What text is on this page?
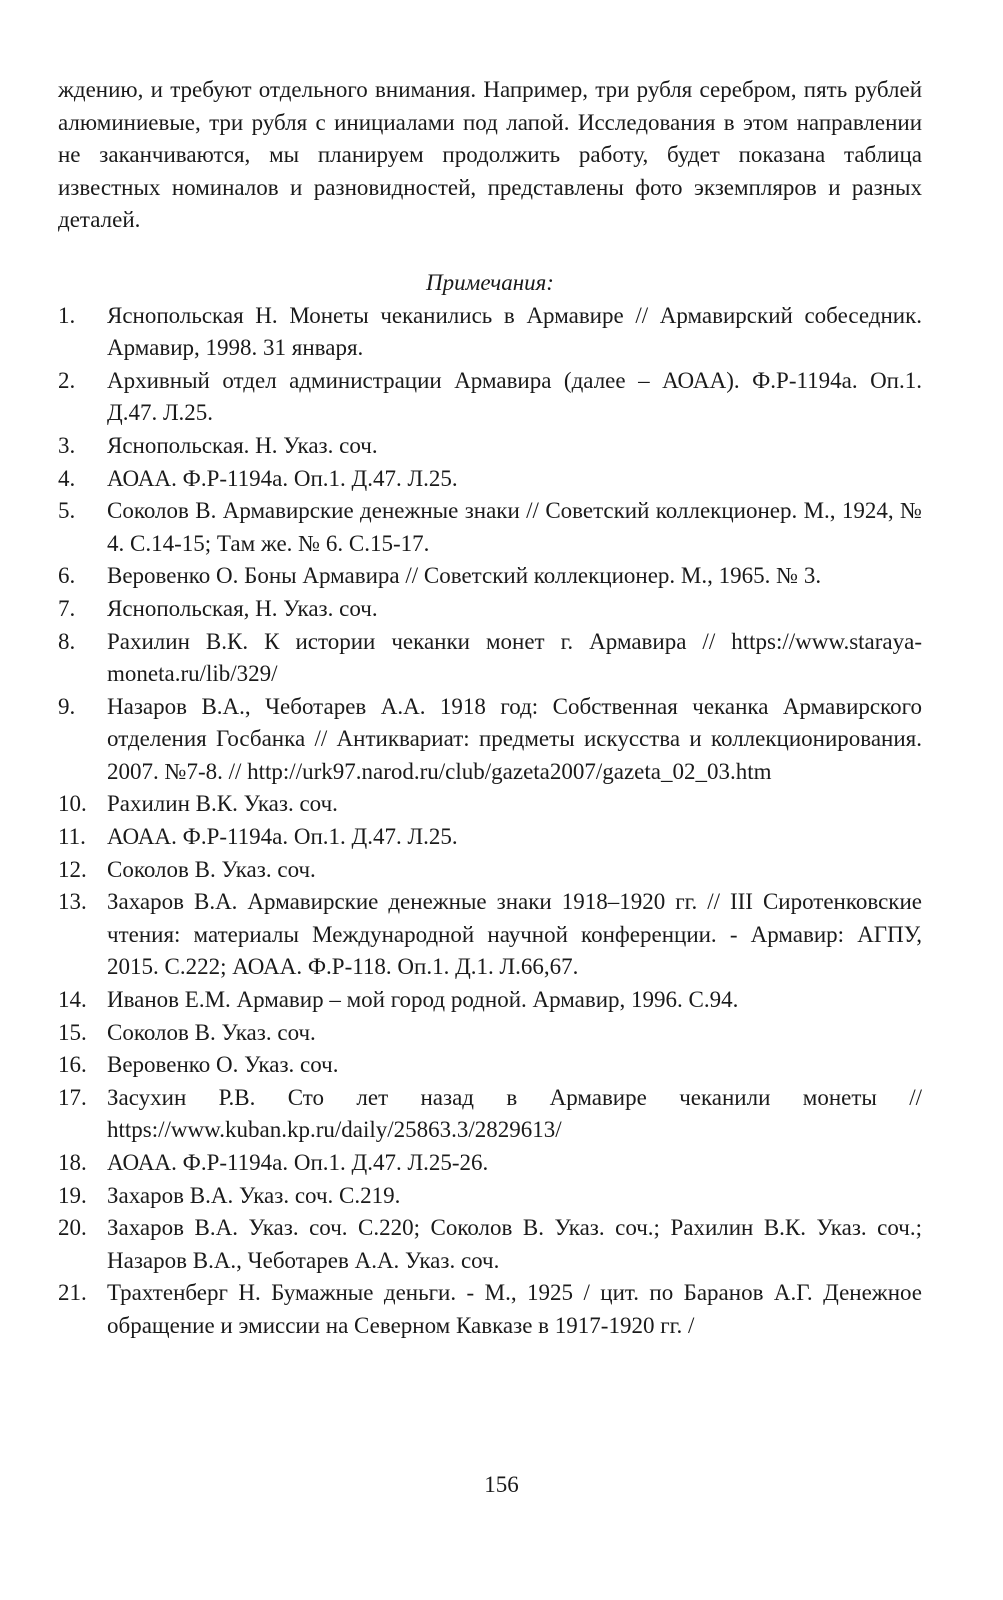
ждению, и требуют отдельного внимания. Например, три рубля серебром, пять рублей алюминиевые, три рубля с инициалами под лапой. Исследования в этом направлении не заканчиваются, мы планируем продолжить работу, будет показана таблица известных номиналов и разновидностей, представлены фото экземпляров и разных деталей.

Примечания:
1. Яснопольская Н. Монеты чеканились в Армавире // Армавирский собеседник. Армавир, 1998. 31 января.
2. Архивный отдел администрации Армавира (далее – АОАА). Ф.Р-1194а. Оп.1. Д.47. Л.25.
3. Яснопольская. Н. Указ. соч.
4. АОАА. Ф.Р-1194а. Оп.1. Д.47. Л.25.
5. Соколов В. Армавирские денежные знаки // Советский коллекционер. М., 1924, № 4. С.14-15; Там же. № 6. С.15-17.
6. Веровенко О. Боны Армавира // Советский коллекционер. М., 1965. № 3.
7. Яснопольская, Н. Указ. соч.
8. Рахилин В.К. К истории чеканки монет г. Армавира // https://www.staraya-moneta.ru/lib/329/
9. Назаров В.А., Чеботарев А.А. 1918 год: Собственная чеканка Армавирского отделения Госбанка // Антиквариат: предметы искусства и коллекционирования. 2007. №7-8. // http://urk97.narod.ru/club/gazeta2007/gazeta_02_03.htm
10. Рахилин В.К. Указ. соч.
11. АОАА. Ф.Р-1194а. Оп.1. Д.47. Л.25.
12. Соколов В. Указ. соч.
13. Захаров В.А. Армавирские денежные знаки 1918–1920 гг. // III Сиротенковские чтения: материалы Международной научной конференции. - Армавир: АГПУ, 2015. С.222; АОАА. Ф.Р-118. Оп.1. Д.1. Л.66,67.
14. Иванов Е.М. Армавир – мой город родной. Армавир, 1996. С.94.
15. Соколов В. Указ. соч.
16. Веровенко О. Указ. соч.
17. Засухин Р.В. Сто лет назад в Армавире чеканили монеты // https://www.kuban.kp.ru/daily/25863.3/2829613/
18. АОАА. Ф.Р-1194а. Оп.1. Д.47. Л.25-26.
19. Захаров В.А. Указ. соч. С.219.
20. Захаров В.А. Указ. соч. С.220; Соколов В. Указ. соч.; Рахилин В.К. Указ. соч.; Назаров В.А., Чеботарев А.А. Указ. соч.
21. Трахтенберг Н. Бумажные деньги. - М., 1925 / цит. по Баранов А.Г. Денежное обращение и эмиссии на Северном Кавказе в 1917-1920 гг. /
156
